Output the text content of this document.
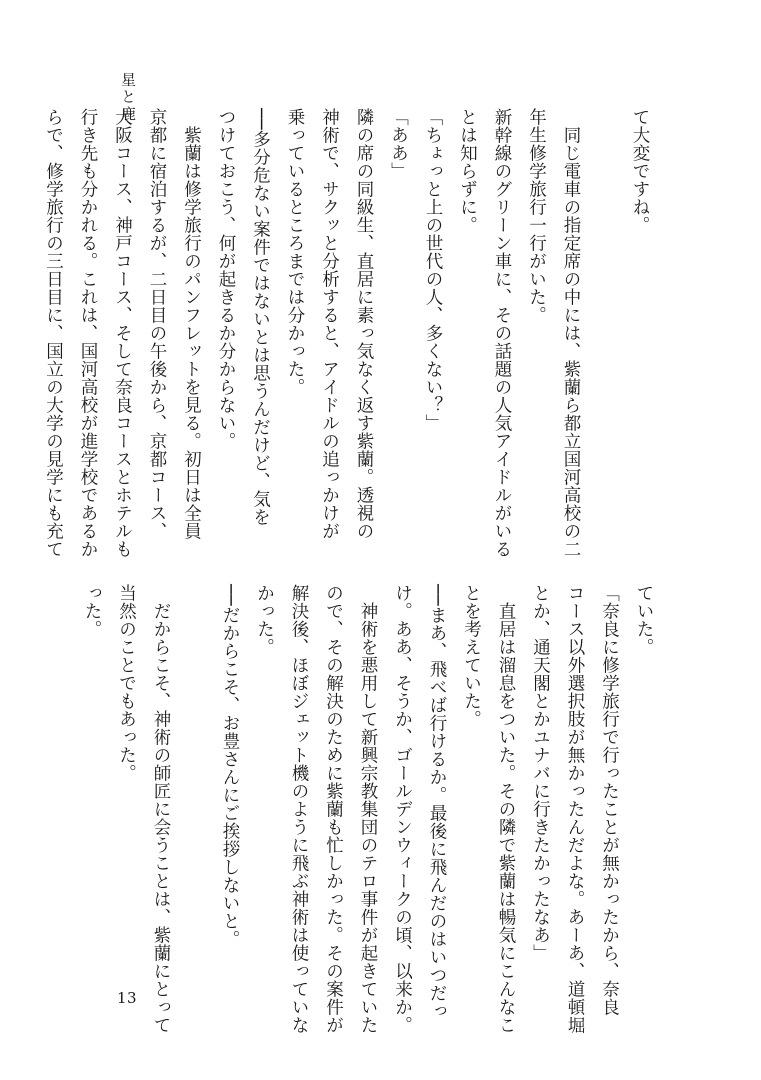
星と鹿
て大変ですね。

　同じ電車の指定席の中には、紫蘭ら都立国河高校の二
年生修学旅行一行がいた。
新幹線のグリーン車に、その話題の人気アイドルがいる
とは知らずに。
「ちょっと上の世代の人、多くない？」
「ああ」
隣の席の同級生、直居に素っ気なく返す紫蘭。透視の
神術で、サクッと分析すると、アイドルの追っかけが
乗っているところまでは分かった。
──多分危ない案件ではないとは思うんだけど、気を
つけておこう、何が起きるか分からない。
　紫蘭は修学旅行のパンフレットを見る。初日は全員
京都に宿泊するが、二日目の午後から、京都コース、
大阪コース、神戸コース、そして奈良コースとホテルも
行き先も分かれる。これは、国河高校が進学校であるか
らで、修学旅行の三日目に、国立の大学の見学にも充て
ていた。
「奈良に修学旅行で行ったことが無かったから、奈良
コース以外選択肢が無かったんだよな。あーあ、道頓堀
とか、通天閣とかユナバに行きたかったなあ」
　直居は溜息をついた。その隣で紫蘭は暢気にこんなこ
とを考えていた。
──まあ、飛べば行けるか。最後に飛んだのはいつだっ
け。ああ、そうか、ゴールデンウィークの頃、以来か。
　神術を悪用して新興宗教集団のテロ事件が起きていた
ので、その解決のために紫蘭も忙しかった。その案件が
解決後、ほぼジェット機のように飛ぶ神術は使っていな
かった。
──だからこそ、お豊さんにご挨拶しないと。

　だからこそ、神術の師匠に会うことは、紫蘭にとって
当然のことでもあった。
った。
13
